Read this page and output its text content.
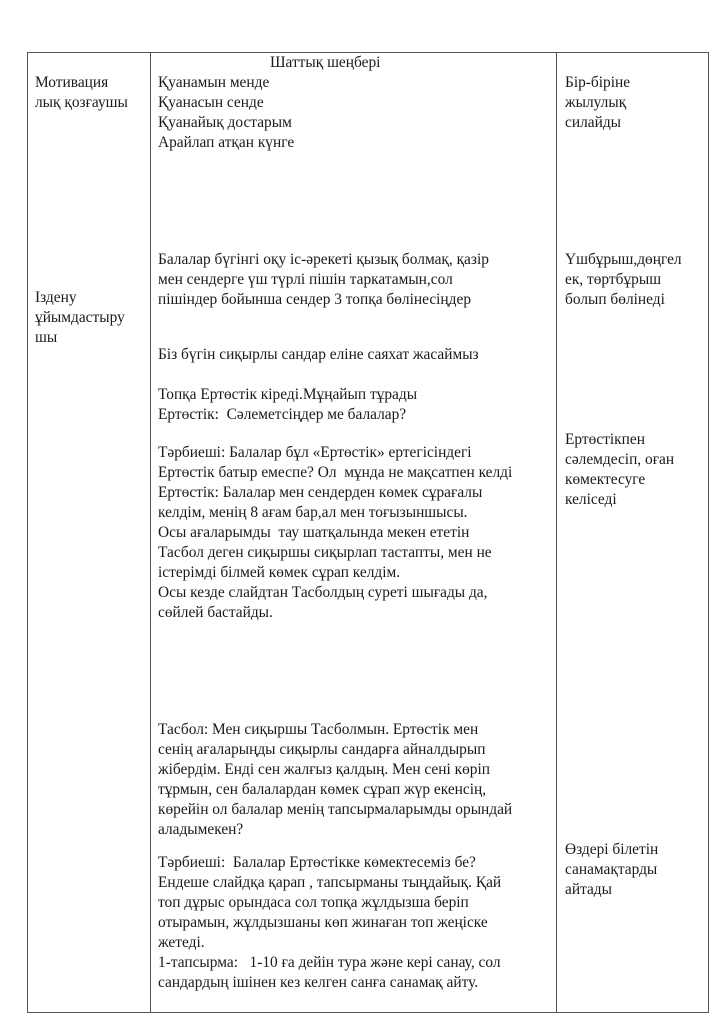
Мотивация
лық қозғаушы
Шаттық шеңбері
Қуанамын менде
Қуанасын сенде
Қуанайық достарым
Арайлап атқан күнге
Бір-біріне
жылулық
силайды
Іздену
ұйымдастыру
шы
Балалар бүгінгі оқу іс-әрекеті қызық болмақ, қазір
мен сендерге үш түрлі пішін таркатамын,сол
пішіндер бойынша сендер 3 топқа бөлінесіңдер
Біз бүгін сиқырлы сандар еліне саяхат жасаймыз
Топқа Ертөстік кіреді.Мұңайып тұрады
Ертөстік:  Сәлеметсіңдер ме балалар?
Тәрбиеші: Балалар бұл «Ертөстік» ертегісіндегі
Ертөстік батыр емеспе? Ол  мұнда не мақсатпен келді
Ертөстік: Балалар мен сендерден көмек сұрағалы
келдім, менің 8 ағам бар,ал мен тоғызыншысы.
Осы ағаларымды  тау шатқалында мекен ететін
Тасбол деген сиқыршы сиқырлап тастапты, мен не
істерімді білмей көмек сұрап келдім.
Осы кезде слайдтан Тасболдың суреті шығады да,
сөйлей бастайды.
Тасбол: Мен сиқыршы Тасболмын. Ертөстік мен
сенің ағаларыңды сиқырлы сандарға айналдырып
жібердім. Енді сен жалғыз қалдың. Мен сені көріп
тұрмын, сен балалардан көмек сұрап жүр екенсің,
көрейін ол балалар менің тапсырмаларымды орындай
аладымекен?
Тәрбиеші:  Балалар Ертөстікке көмектесеміз бе?
Ендеше слайдқа қарап , тапсырманы тыңдайық. Қай
топ дұрыс орындаса сол топқа жұлдызша беріп
отырамын, жұлдызшаны көп жинаған топ жеңіске
жетеді.
1-тапсырма:   1-10 ға дейін тура және кері санау, сол
сандардың ішінен кез келген санға санамақ айту.
Үшбұрыш,дөңгел
ек, төртбұрыш
болып бөлінеді
Ертөстікпен
сәлемдесіп, оған
көмектесуге
келіседі
Өздері білетін
санамақтарды
айтады
